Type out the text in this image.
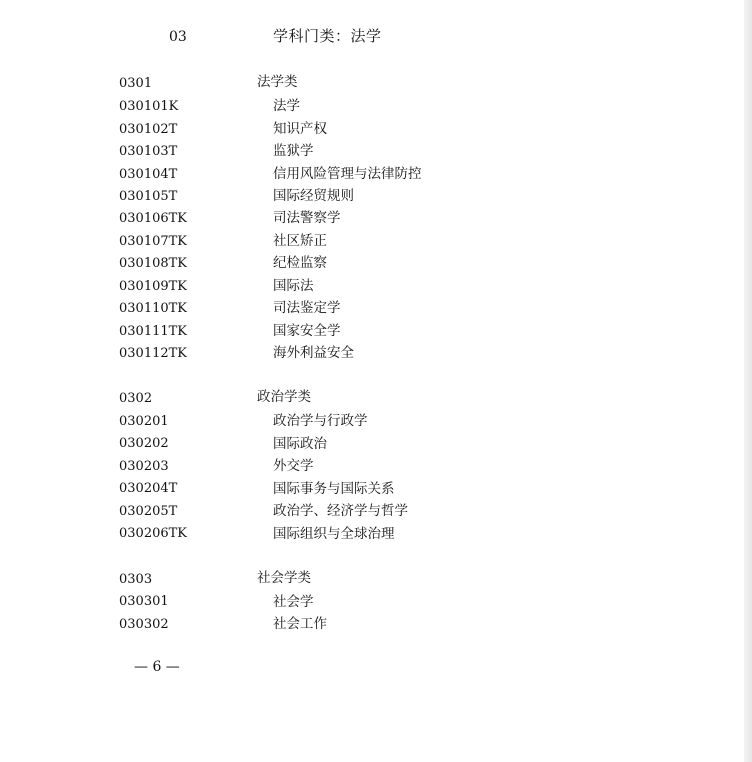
03	学科门类：法学
0301	法学类
030101K	法学
030102T	知识产权
030103T	监狱学
030104T	信用风险管理与法律防控
030105T	国际经贸规则
030106TK	司法警察学
030107TK	社区矫正
030108TK	纪检监察
030109TK	国际法
030110TK	司法鉴定学
030111TK	国家安全学
030112TK	海外利益安全
0302	政治学类
030201	政治学与行政学
030202	国际政治
030203	外交学
030204T	国际事务与国际关系
030205T	政治学、经济学与哲学
030206TK	国际组织与全球治理
0303	社会学类
030301	社会学
030302	社会工作
— 6 —
